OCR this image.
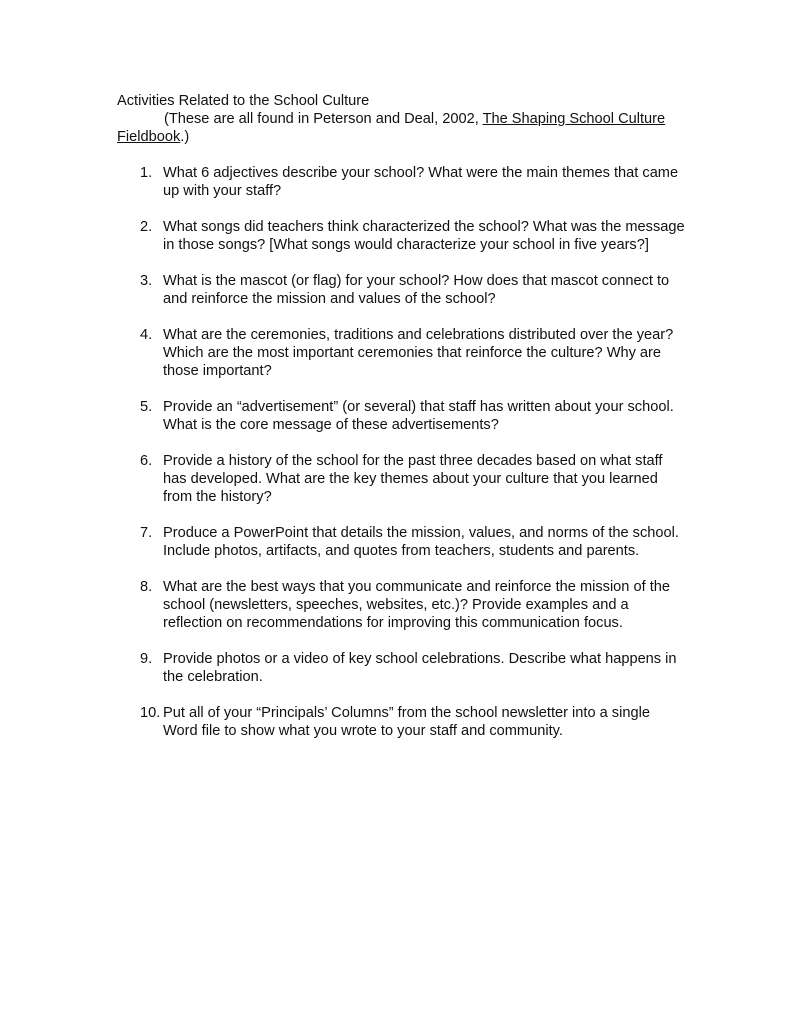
Activities Related to the School Culture

(These are all found in Peterson and Deal, 2002, The Shaping School Culture Fieldbook.)

1. What 6 adjectives describe your school? What were the main themes that came up with your staff?
2. What songs did teachers think characterized the school? What was the message in those songs? [What songs would characterize your school in five years?]
3. What is the mascot (or flag) for your school? How does that mascot connect to and reinforce the mission and values of the school?
4. What are the ceremonies, traditions and celebrations distributed over the year? Which are the most important ceremonies that reinforce the culture? Why are those important?
5. Provide an “advertisement” (or several) that staff has written about your school. What is the core message of these advertisements?
6. Provide a history of the school for the past three decades based on what staff has developed. What are the key themes about your culture that you learned from the history?
7. Produce a PowerPoint that details the mission, values, and norms of the school. Include photos, artifacts, and quotes from teachers, students and parents.
8. What are the best ways that you communicate and reinforce the mission of the school (newsletters, speeches, websites, etc.)? Provide examples and a reflection on recommendations for improving this communication focus.
9. Provide photos or a video of key school celebrations. Describe what happens in the celebration.
10. Put all of your “Principals’ Columns” from the school newsletter into a single Word file to show what you wrote to your staff and community.
